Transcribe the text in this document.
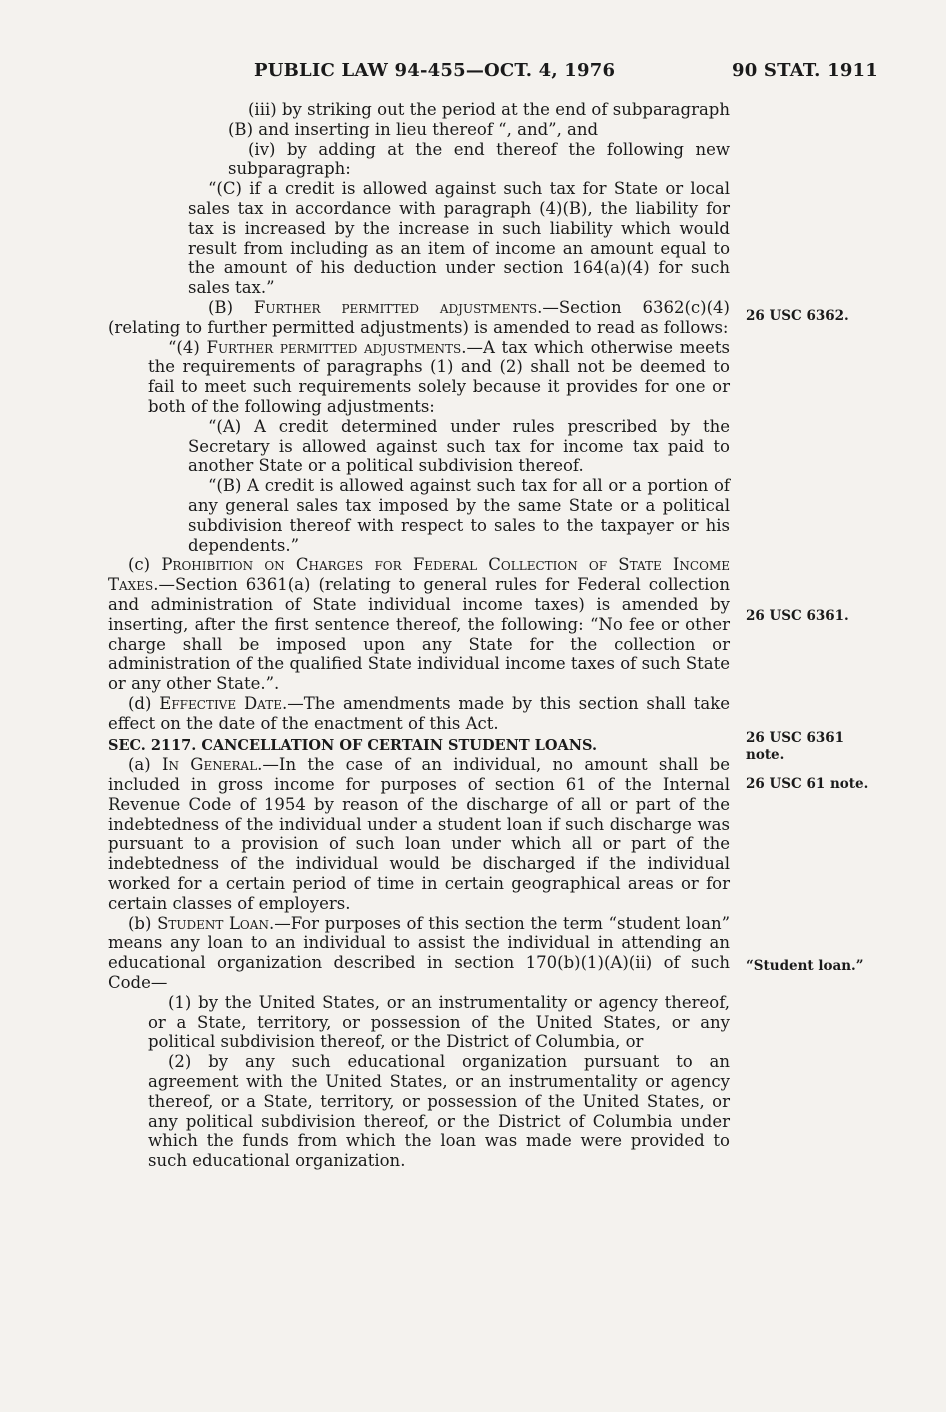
PUBLIC LAW 94-455—OCT. 4, 1976	90 STAT. 1911

(iii) by striking out the period at the end of subparagraph (B) and inserting in lieu thereof “, and”, and

(iv) by adding at the end thereof the following new subparagraph:

“(C) if a credit is allowed against such tax for State or local sales tax in accordance with paragraph (4)(B), the liability for tax is increased by the increase in such liability which would result from including as an item of income an amount equal to the amount of his deduction under section 164(a)(4) for such sales tax.”

(B) Further permitted adjustments.—Section 6362(c)(4) (relating to further permitted adjustments) is amended to read as follows:

“(4) Further permitted adjustments.—A tax which otherwise meets the requirements of paragraphs (1) and (2) shall not be deemed to fail to meet such requirements solely because it provides for one or both of the following adjustments:

“(A) A credit determined under rules prescribed by the Secretary is allowed against such tax for income tax paid to another State or a political subdivision thereof.

“(B) A credit is allowed against such tax for all or a portion of any general sales tax imposed by the same State or a political subdivision thereof with respect to sales to the taxpayer or his dependents.”

(c) Prohibition on Charges for Federal Collection of State Income Taxes.—Section 6361(a) (relating to general rules for Federal collection and administration of State individual income taxes) is amended by inserting, after the first sentence thereof, the following: “No fee or other charge shall be imposed upon any State for the collection or administration of the qualified State individual income taxes of such State or any other State.”.

(d) Effective Date.—The amendments made by this section shall take effect on the date of the enactment of this Act.

SEC. 2117. CANCELLATION OF CERTAIN STUDENT LOANS.

(a) In General.—In the case of an individual, no amount shall be included in gross income for purposes of section 61 of the Internal Revenue Code of 1954 by reason of the discharge of all or part of the indebtedness of the individual under a student loan if such discharge was pursuant to a provision of such loan under which all or part of the indebtedness of the individual would be discharged if the individual worked for a certain period of time in certain geographical areas or for certain classes of employers.

(b) Student Loan.—For purposes of this section the term “student loan” means any loan to an individual to assist the individual in attending an educational organization described in section 170(b)(1)(A)(ii) of such Code—

(1) by the United States, or an instrumentality or agency thereof, or a State, territory, or possession of the United States, or any political subdivision thereof, or the District of Columbia, or

(2) by any such educational organization pursuant to an agreement with the United States, or an instrumentality or agency thereof, or a State, territory, or possession of the United States, or any political subdivision thereof, or the District of Columbia under which the funds from which the loan was made were provided to such educational organization.

26 USC 6362.
26 USC 6361.
26 USC 6361 note.
26 USC 61 note.
“Student loan.”
